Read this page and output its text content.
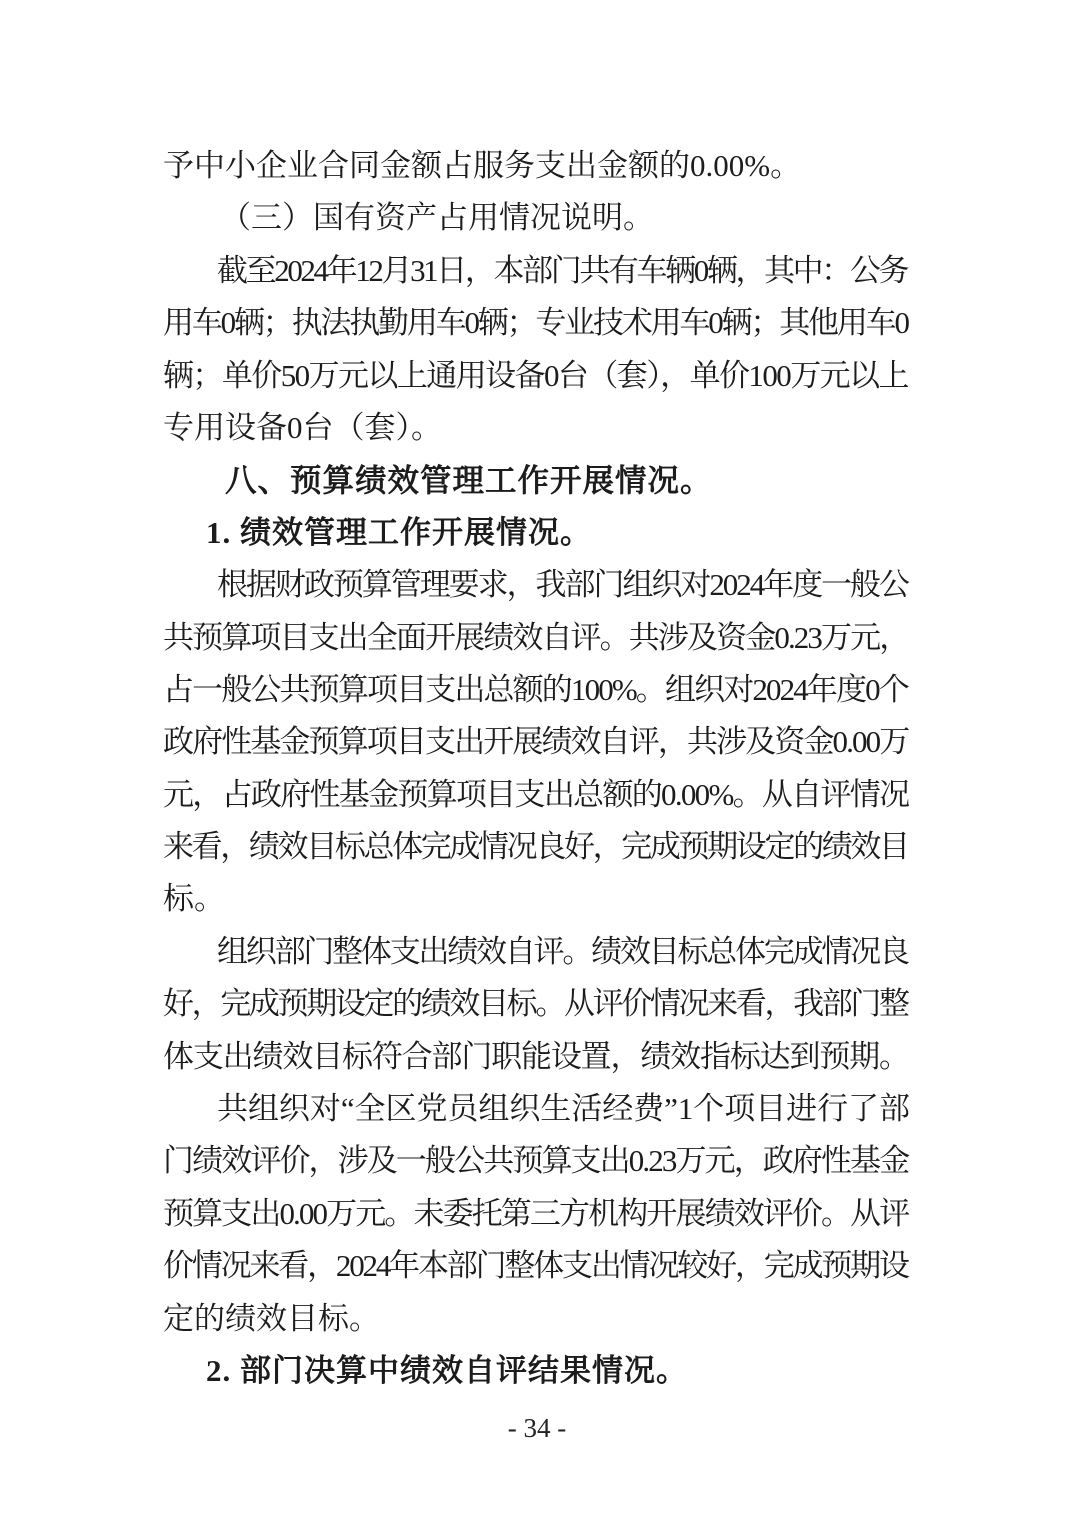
予中小企业合同金额占服务支出金额的0.00%。
（三）国有资产占用情况说明。
截至2024年12月31日，本部门共有车辆0辆，其中：公务
用车0辆；执法执勤用车0辆；专业技术用车0辆；其他用车0
辆；单价50万元以上通用设备0台（套），单价100万元以上
专用设备0台（套）。
八、预算绩效管理工作开展情况。
1. 绩效管理工作开展情况。
根据财政预算管理要求，我部门组织对2024年度一般公
共预算项目支出全面开展绩效自评。共涉及资金0.23万元，
占一般公共预算项目支出总额的100%。组织对2024年度0个
政府性基金预算项目支出开展绩效自评，共涉及资金0.00万
元，占政府性基金预算项目支出总额的0.00%。从自评情况
来看，绩效目标总体完成情况良好，完成预期设定的绩效目
标。
组织部门整体支出绩效自评。绩效目标总体完成情况良
好，完成预期设定的绩效目标。从评价情况来看，我部门整
体支出绩效目标符合部门职能设置，绩效指标达到预期。
共组织对“全区党员组织生活经费”1个项目进行了部
门绩效评价，涉及一般公共预算支出0.23万元，政府性基金
预算支出0.00万元。未委托第三方机构开展绩效评价。从评
价情况来看，2024年本部门整体支出情况较好，完成预期设
定的绩效目标。
2. 部门决算中绩效自评结果情况。
- 34 -
